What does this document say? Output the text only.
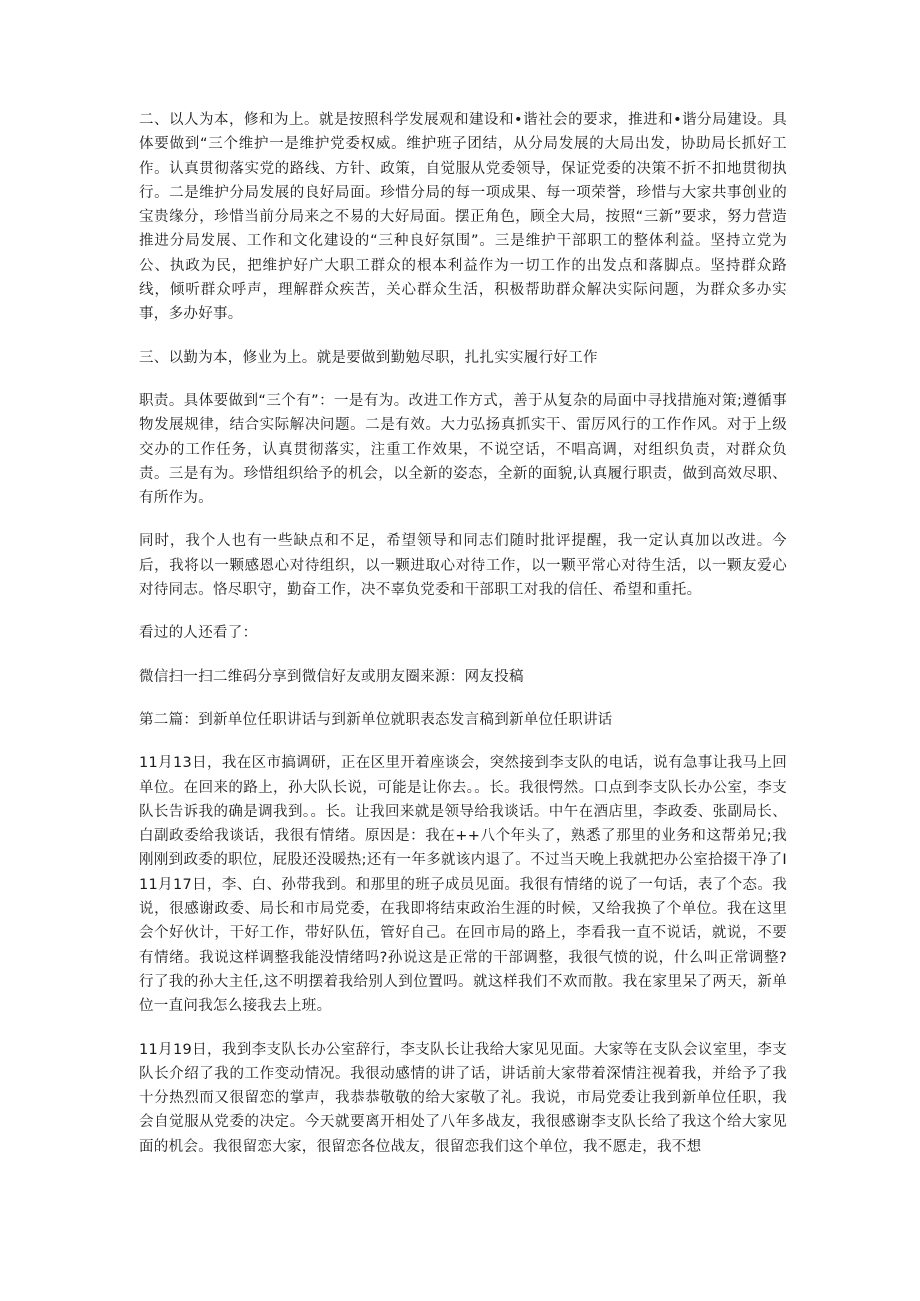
二、以人为本，修和为上。就是按照科学发展观和建设和•谐社会的要求，推进和•谐分局建设。具体要做到“三个维护一是维护党委权威。维护班子团结，从分局发展的大局出发，协助局长抓好工作。认真贯彻落实党的路线、方针、政策，自觉服从党委领导，保证党委的决策不折不扣地贯彻执行。二是维护分局发展的良好局面。珍惜分局的每一项成果、每一项荣誉，珍惜与大家共事创业的宝贵缘分，珍惜当前分局来之不易的大好局面。摆正角色，顾全大局，按照“三新”要求，努力营造推进分局发展、工作和文化建设的“三种良好氛围”。三是维护干部职工的整体利益。坚持立党为公、执政为民，把维护好广大职工群众的根本利益作为一切工作的出发点和落脚点。坚持群众路线，倾听群众呼声，理解群众疾苦，关心群众生活，积极帮助群众解决实际问题，为群众多办实事，多办好事。

三、以勤为本，修业为上。就是要做到勤勉尽职，扎扎实实履行好工作

职责。具体要做到“三个有”：一是有为。改进工作方式，善于从复杂的局面中寻找措施对策;遵循事物发展规律，结合实际解决问题。二是有效。大力弘扬真抓实干、雷厉风行的工作作风。对于上级交办的工作任务，认真贯彻落实，注重工作效果，不说空话，不唱高调，对组织负责，对群众负责。三是有为。珍惜组织给予的机会，以全新的姿态，全新的面貌,认真履行职责，做到高效尽职、有所作为。

同时，我个人也有一些缺点和不足，希望领导和同志们随时批评提醒，我一定认真加以改进。今后，我将以一颗感恩心对待组织，以一颗进取心对待工作，以一颗平常心对待生活，以一颗友爱心对待同志。恪尽职守，勤奋工作，决不辜负党委和干部职工对我的信任、希望和重托。

看过的人还看了：

微信扫一扫二维码分享到微信好友或朋友圈来源：网友投稿

第二篇：到新单位任职讲话与到新单位就职表态发言稿到新单位任职讲话

11月13日，我在区市搞调研，正在区里开着座谈会，突然接到李支队的电话，说有急事让我马上回单位。在回来的路上，孙大队长说，可能是让你去。。长。我很愕然。口点到李支队长办公室，李支队长告诉我的确是调我到。。长。让我回来就是领导给我谈话。中午在酒店里，李政委、张副局长、白副政委给我谈话，我很有情绪。原因是：我在++八个年头了，熟悉了那里的业务和这帮弟兄;我刚刚到政委的职位，屁股还没暖热;还有一年多就该内退了。不过当天晚上我就把办公室拾掇干净了I11月17日，李、白、孙带我到。和那里的班子成员见面。我很有情绪的说了一句话，表了个态。我说，很感谢政委、局长和市局党委，在我即将结束政治生涯的时候，又给我换了个单位。我在这里会个好伙计，干好工作，带好队伍，管好自己。在回市局的路上，李看我一直不说话，就说，不要有情绪。我说这样调整我能没情绪吗?孙说这是正常的干部调整，我很气愤的说，什么叫正常调整?行了我的孙大主任,这不明摆着我给别人到位置吗。就这样我们不欢而散。我在家里呆了两天，新单位一直问我怎么接我去上班。

11月19日，我到李支队长办公室辞行，李支队长让我给大家见见面。大家等在支队会议室里，李支队长介绍了我的工作变动情况。我很动感情的讲了话，讲话前大家带着深情注视着我，并给予了我十分热烈而又很留恋的掌声，我恭恭敬敬的给大家敬了礼。我说，市局党委让我到新单位任职，我会自觉服从党委的决定。今天就要离开相处了八年多战友，我很感谢李支队长给了我这个给大家见面的机会。我很留恋大家，很留恋各位战友，很留恋我们这个单位，我不愿走，我不想
